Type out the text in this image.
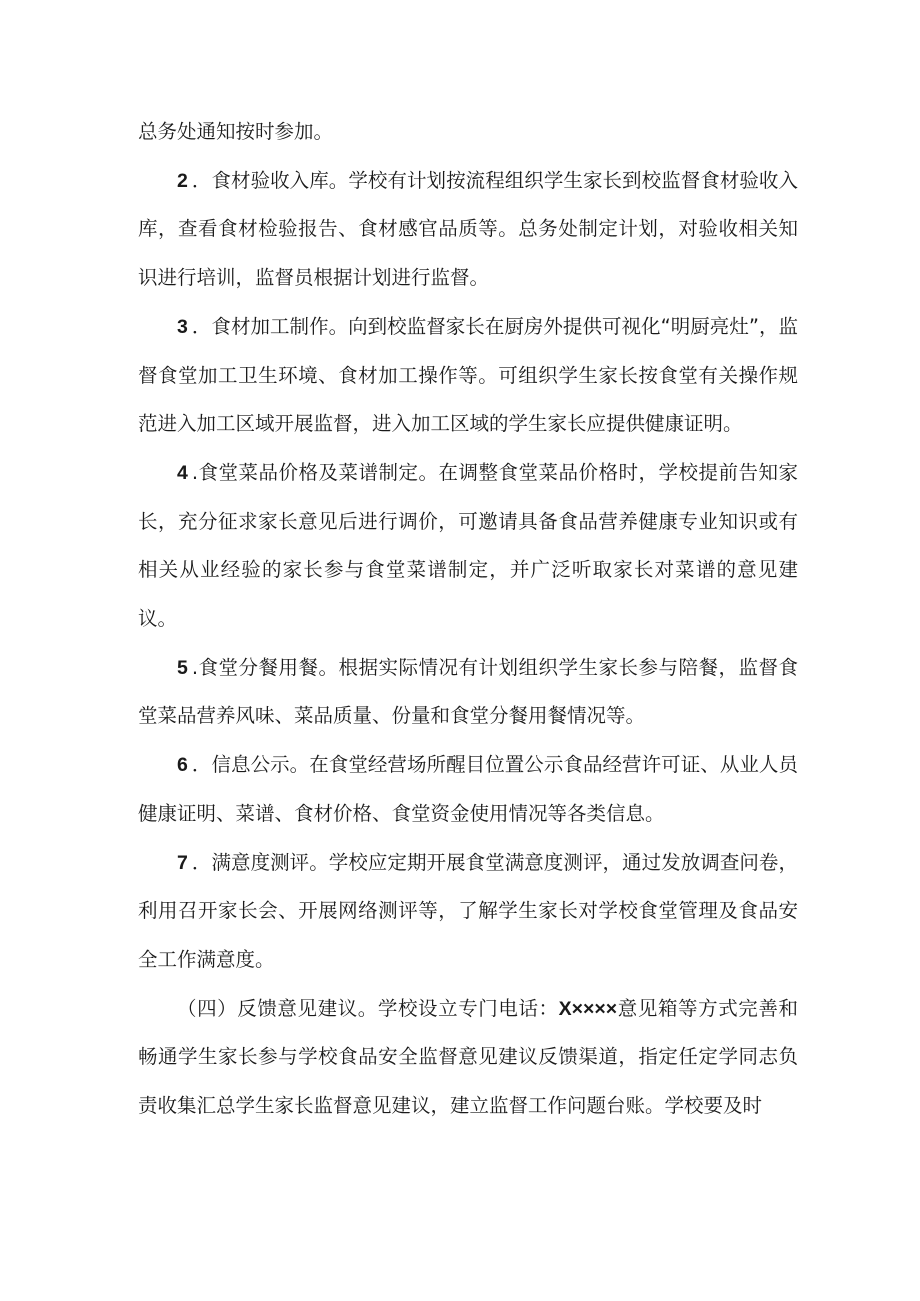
总务处通知按时参加。

2 ．食材验收入库。学校有计划按流程组织学生家长到校监督食材验收入库，查看食材检验报告、食材感官品质等。总务处制定计划，对验收相关知识进行培训，监督员根据计划进行监督。

3 ．食材加工制作。向到校监督家长在厨房外提供可视化“明厨亮灶”，监督食堂加工卫生环境、食材加工操作等。可组织学生家长按食堂有关操作规范进入加工区域开展监督，进入加工区域的学生家长应提供健康证明。

4 .食堂菜品价格及菜谱制定。在调整食堂菜品价格时，学校提前告知家长，充分征求家长意见后进行调价，可邀请具备食品营养健康专业知识或有相关从业经验的家长参与食堂菜谱制定，并广泛听取家长对菜谱的意见建议。

5 .食堂分餐用餐。根据实际情况有计划组织学生家长参与陪餐，监督食堂菜品营养风味、菜品质量、份量和食堂分餐用餐情况等。

6 ．信息公示。在食堂经营场所醒目位置公示食品经营许可证、从业人员健康证明、菜谱、食材价格、食堂资金使用情况等各类信息。

7 ．满意度测评。学校应定期开展食堂满意度测评，通过发放调查问卷，利用召开家长会、开展网络测评等，了解学生家长对学校食堂管理及食品安全工作满意度。

（四）反馈意见建议。学校设立专门电话：X××××意见箱等方式完善和畅通学生家长参与学校食品安全监督意见建议反馈渠道，指定任定学同志负责收集汇总学生家长监督意见建议，建立监督工作问题台账。学校要及时
